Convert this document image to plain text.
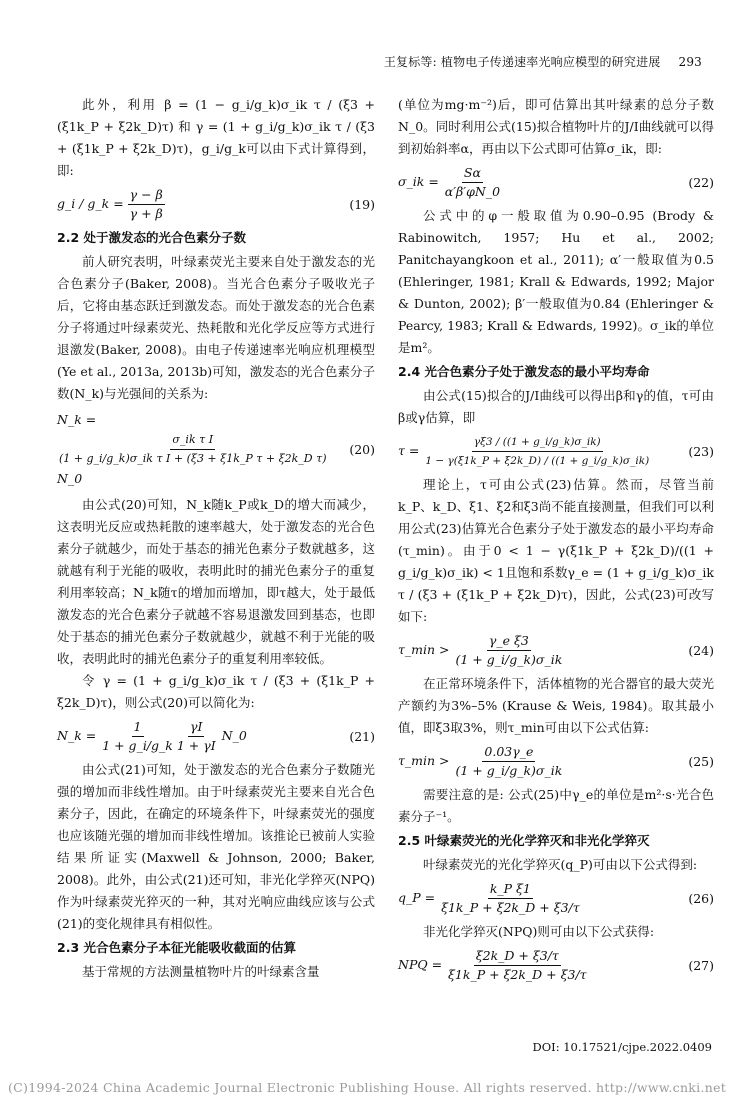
王复标等: 植物电子传递速率光响应模型的研究进展 293

此外，利用 β = (1 − g_i/g_k)σ_ik τ / (ξ3 + (ξ1k_P + ξ2k_D)τ) 和 γ = (1 + g_i/g_k)σ_ik τ / (ξ3 + (ξ1k_P + ξ2k_D)τ)，g_i/g_k可以由下式计算得到，即:

g_i / g_k = $\frac{\gamma - \beta}{\gamma + \beta}$	(19)
2.2 处于激发态的光合色素分子数

前人研究表明，叶绿素荧光主要来自处于激发态的光合色素分子(Baker, 2008)。当光合色素分子吸收光子后，它将由基态跃迁到激发态。而处于激发态的光合色素分子将通过叶绿素荧光、热耗散和光化学反应等方式进行退激发(Baker, 2008)。由电子传递速率光响应机理模型(Ye et al., 2013a, 2013b)可知，激发态的光合色素分子数(N_k)与光强间的关系为:

N_k =
$\frac{\text{σ\_ik τ I}}{\text{(1 + g\_i/g\_k)σ\_ik τ I + (ξ3 + ξ1k\_P τ + ξ2k\_D τ)}}$
N_0
(20)

由公式(20)可知，N_k随k_P或k_D的增大而减少，这表明光反应或热耗散的速率越大，处于激发态的光合色素分子就越少，而处于基态的捕光色素分子数就越多，这就越有利于光能的吸收，表明此时的捕光色素分子的重复利用率较高；N_k随τ的增加而增加，即τ越大，处于最低激发态的光合色素分子就越不容易退激发回到基态，也即处于基态的捕光色素分子数就越少，就越不利于光能的吸收，表明此时的捕光色素分子的重复利用率较低。

令 γ = (1 + g_i/g_k)σ_ik τ / (ξ3 + (ξ1k_P + ξ2k_D)τ)，则公式(20)可以简化为:

N_k = $\frac{1}{1 + g\_i/g\_k} \frac{\gamma I}{1 + \gamma I}$ N_0	(21)

由公式(21)可知，处于激发态的光合色素分子数随光强的增加而非线性增加。由于叶绿素荧光主要来自光合色素分子，因此，在确定的环境条件下，叶绿素荧光的强度也应该随光强的增加而非线性增加。该推论已被前人实验结果所证实(Maxwell & Johnson, 2000; Baker, 2008)。此外，由公式(21)还可知，非光化学猝灭(NPQ)作为叶绿素荧光猝灭的一种，其对光响应曲线应该与公式(21)的变化规律具有相似性。

2.3 光合色素分子本征光能吸收截面的估算

基于常规的方法测量植物叶片的叶绿素含量

(单位为mg·m⁻²)后，即可估算出其叶绿素的总分子数N_0。同时利用公式(15)拟合植物叶片的J/I曲线就可以得到初始斜率α，再由以下公式即可估算σ_ik，即:

σ_ik = $\frac{S\alpha}{\alpha'\beta'\varphi N\_0}$	(22)

公式中的φ一般取值为0.90–0.95 (Brody & Rabinowitch, 1957; Hu et al., 2002; Panitchayangkoon et al., 2011); α′一般取值为0.5 (Ehleringer, 1981; Krall & Edwards, 1992; Major & Dunton, 2002); β′一般取值为0.84 (Ehleringer & Pearcy, 1983; Krall & Edwards, 1992)。σ_ik的单位是m²。

2.4 光合色素分子处于激发态的最小平均寿命

由公式(15)拟合的J/I曲线可以得出β和γ的值，τ可由β或γ估算，即

$\tau = \frac{\gamma\xi 3 / ((1 + g\_i/g\_k)\sigma\_ik)}{1 - \gamma(\xi 1k\_P + \xi 2k\_D) / ((1 + g\_i/g\_k)\sigma\_ik)}$	(23)

理论上，τ可由公式(23)估算。然而，尽管当前k_P、k_D、ξ1、ξ2和ξ3尚不能直接测量，但我们可以利用公式(23)估算光合色素分子处于激发态的最小平均寿命(τ_min)。由于0 < 1 − γ(ξ1k_P + ξ2k_D)/((1 + g_i/g_k)σ_ik) < 1且饱和系数γ_e = (1 + g_i/g_k)σ_ik τ / (ξ3 + (ξ1k_P + ξ2k_D)τ)，因此，公式(23)可改写如下:

τ_min > $\frac{\text{γ\_e ξ3}}{(1 + g\_i/g\_k)\sigma\_ik}$	(24)

在正常环境条件下，活体植物的光合器官的最大荧光产额约为3%–5% (Krause & Weis, 1984)。取其最小值，即ξ3取3%，则τ_min可由以下公式估算:

τ_min > $\frac{0.03\gamma\_e}{(1 + g\_i/g\_k)\sigma\_ik}$	(25)

需要注意的是: 公式(25)中γ_e的单位是m²·s·光合色素分子⁻¹。

2.5 叶绿素荧光的光化学猝灭和非光化学猝灭

叶绿素荧光的光化学猝灭(q_P)可由以下公式得到:

q_P = $\frac{\text{k\_P ξ1}}{\xi 1k\_P + \xi 2k\_D + \xi 3/\tau}$	(26)

非光化学猝灭(NPQ)则可由以下公式获得:

NPQ = $\frac{\xi 2k\_D + \xi 3/\tau}{\xi 1k\_P + \xi 2k\_D + \xi 3/\tau}$	(27)
DOI: 10.17521/cjpe.2022.0409
(C)1994-2024 China Academic Journal Electronic Publishing House. All rights reserved. http://www.cnki.net
